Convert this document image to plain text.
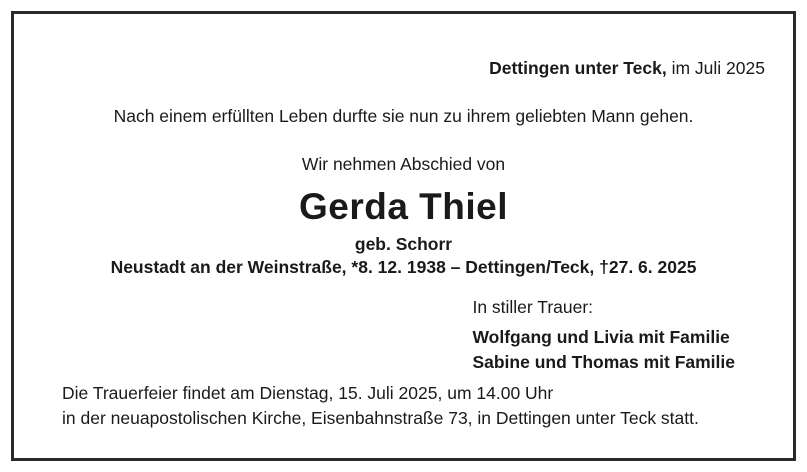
Dettingen unter Teck, im Juli 2025
Nach einem erfüllten Leben durfte sie nun zu ihrem geliebten Mann gehen.
Wir nehmen Abschied von
Gerda Thiel
geb. Schorr
Neustadt an der Weinstraße, *8. 12. 1938 – Dettingen/Teck, †27. 6. 2025
In stiller Trauer:
Wolfgang und Livia mit Familie
Sabine und Thomas mit Familie
Die Trauerfeier findet am Dienstag, 15. Juli 2025, um 14.00 Uhr
in der neuapostolischen Kirche, Eisenbahnstraße 73, in Dettingen unter Teck statt.
